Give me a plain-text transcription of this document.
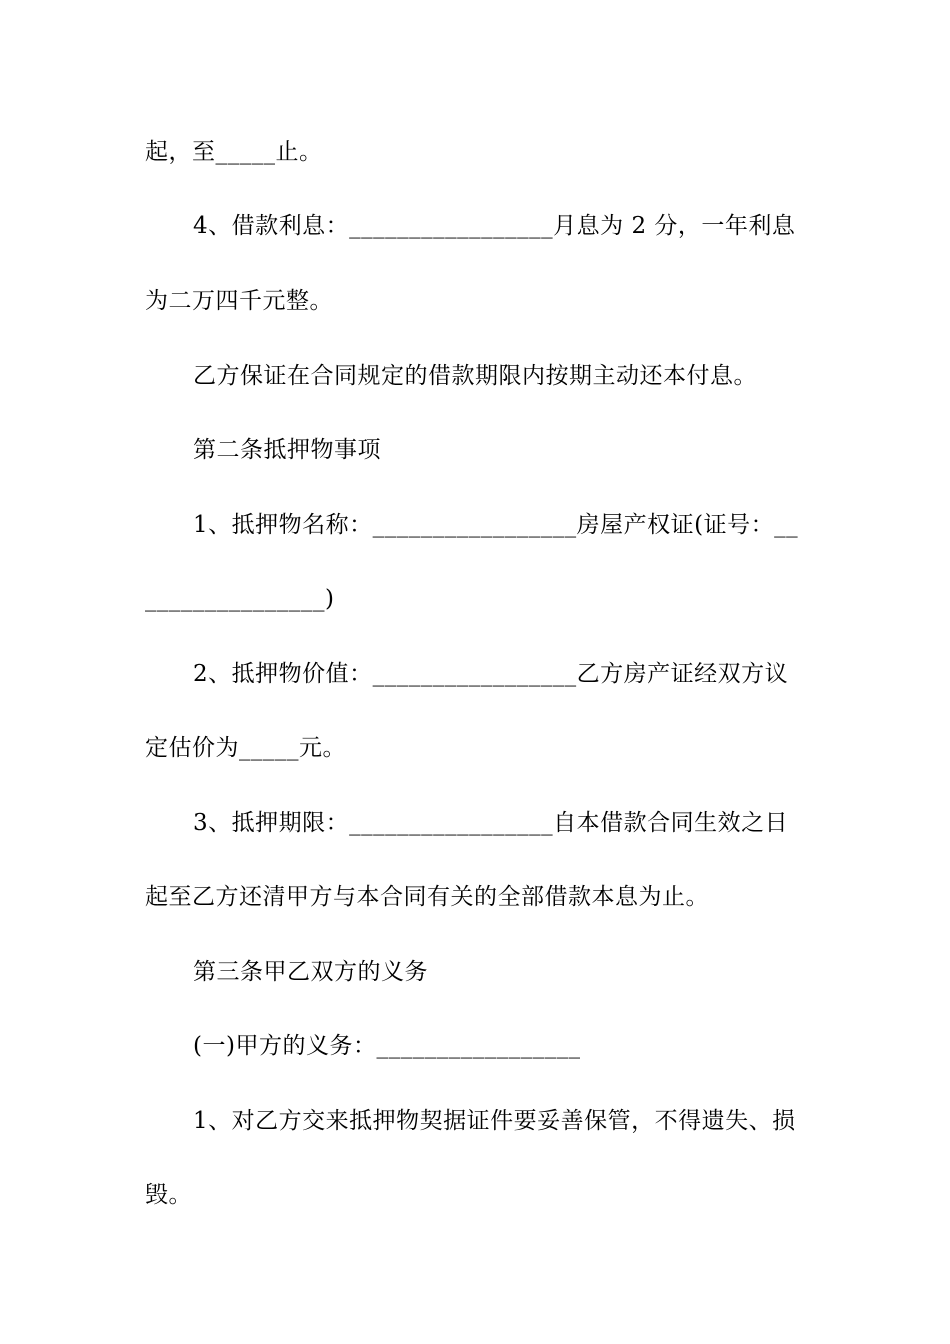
起，至_____止。
4、借款利息：_________________月息为 2 分，一年利息
为二万四千元整。
乙方保证在合同规定的借款期限内按期主动还本付息。
第二条抵押物事项
1、抵押物名称：_________________房屋产权证(证号：__
_______________)
2、抵押物价值：_________________乙方房产证经双方议
定估价为_____元。
3、抵押期限：_________________自本借款合同生效之日
起至乙方还清甲方与本合同有关的全部借款本息为止。
第三条甲乙双方的义务
(一)甲方的义务：_________________
1、对乙方交来抵押物契据证件要妥善保管，不得遗失、损
毁。
